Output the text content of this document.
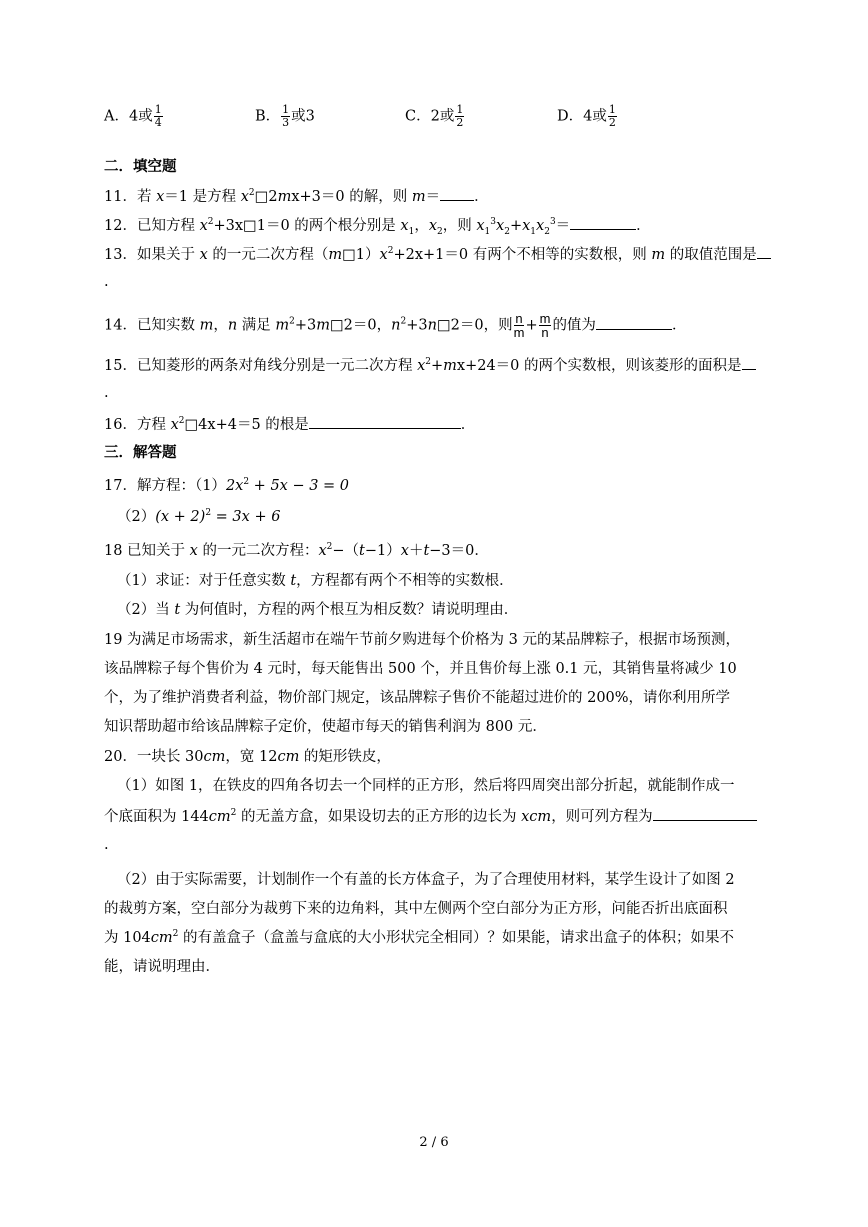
A．4或 $\frac{1}{4}$	B． $\frac{1}{3}$ 或3	C．2或 $\frac{1}{2}$	D．4或 $\frac{1}{2}$
二．填空题
11．若 x＝1 是方程 $x^2□2mx+3=0$ 的解，则 m＝ ．
12．已知方程 $x^2+3x□1=0$ 的两个根分别是 $x_1$，$x_2$，则 $x_1^3x_2+x_1x_2^3=$	．
13．如果关于 x 的一元二次方程$(m□1)x^2+2x+1=0$ 有两个不相等的实数根，则 m 的取值范围是
.
14．已知实数 m，n 满足 $m^2+3m□2=0$，$n^2+3n□2=0$，则 $\frac{n}{m} + \frac{m}{n}$ 的值为	．
15．已知菱形的两条对角线分别是一元二次方程 $x^2+mx+24=0$ 的两个实数根，则该菱形的面积是
.
16．方程 $x^2□4x+4=5$ 的根是	．
三．解答题
17．解方程：$(1)2x^2 + 5x - 3 = 0$
$(2)(x + 2)^2 = 3x + 6$
18 已知关于 x 的一元二次方程：$x^2-(t-1)x+t-3=0$．
（1）求证：对于任意实数 t，方程都有两个不相等的实数根．
（2）当 t 为何值时，方程的两个根互为相反数？请说明理由．
19 为满足市场需求，新生活超市在端午节前夕购进每个价格为 3 元的某品牌粽子，根据市场预测，
该品牌粽子每个售价为 4 元时，每天能售出 500 个，并且售价每上涨 0.1 元，其销售量将减少 10
个，为了维护消费者利益，物价部门规定，该品牌粽子售价不能超过进价的 200%，请你利用所学
知识帮助超市给该品牌粽子定价，使超市每天的销售利润为 800 元．
20．一块长 30cm，宽 12cm 的矩形铁皮，
（1）如图 1，在铁皮的四角各切去一个同样的正方形，然后将四周突出部分折起，就能制作成一
个底面积为 $144cm^2$ 的无盖方盒，如果设切去的正方形的边长为 xcm，则可列方程为
.
（2）由于实际需要，计划制作一个有盖的长方体盒子，为了合理使用材料，某学生设计了如图 2
的裁剪方案，空白部分为裁剪下来的边角料，其中左侧两个空白部分为正方形，问能否折出底面积
为 $104cm^2$ 的有盖盒子（盒盖与盒底的大小形状完全相同）？如果能，请求出盒子的体积；如果不
能，请说明理由．
2 / 6
